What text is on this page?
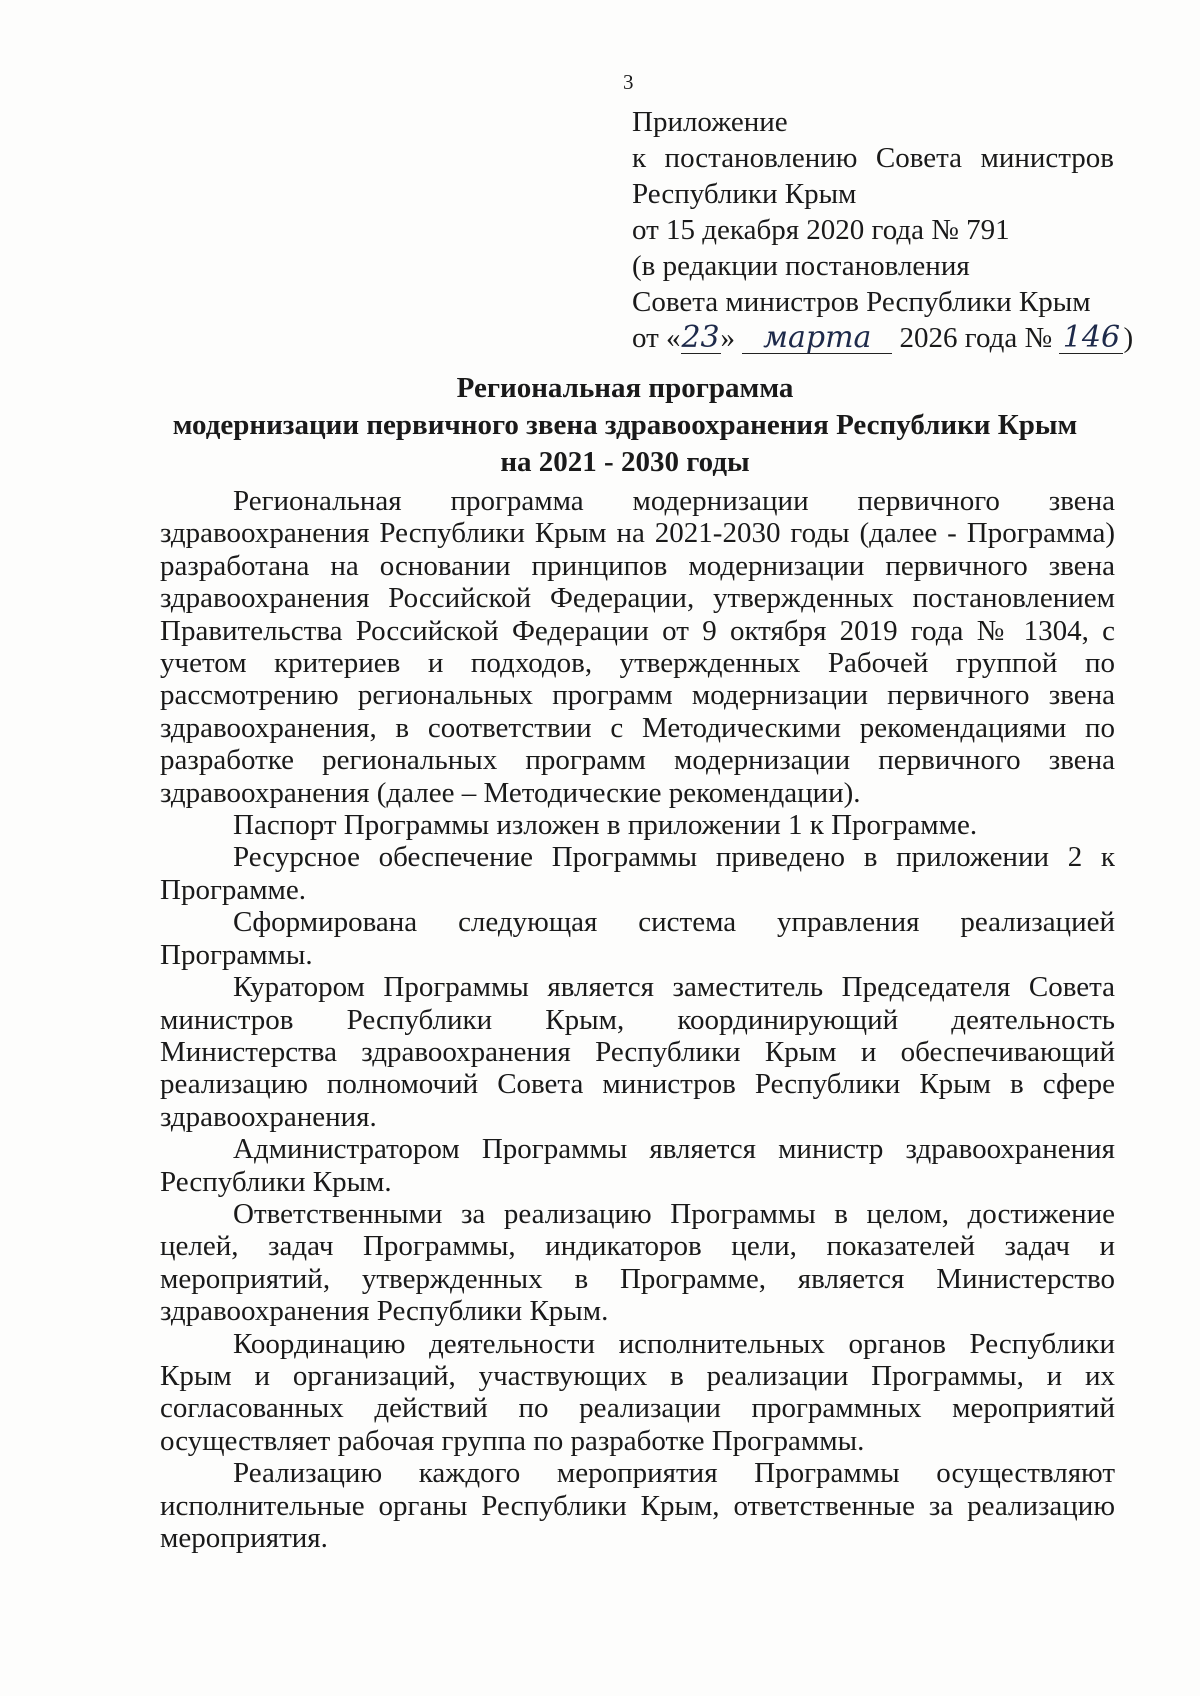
3
Приложение
к постановлению Совета министров
Республики Крым
от 15 декабря 2020 года № 791
(в редакции постановления
Совета министров Республики Крым
от «23» марта 2026 года № 146 )
Региональная программа
модернизации первичного звена здравоохранения Республики Крым
на 2021 - 2030 годы

Региональная программа модернизации первичного звена здравоохранения Республики Крым на 2021-2030 годы (далее - Программа) разработана на основании принципов модернизации первичного звена здравоохранения Российской Федерации, утвержденных постановлением Правительства Российской Федерации от 9 октября 2019 года № 1304, с учетом критериев и подходов, утвержденных Рабочей группой по рассмотрению региональных программ модернизации первичного звена здравоохранения, в соответствии с Методическими рекомендациями по разработке региональных программ модернизации первичного звена здравоохранения (далее – Методические рекомендации).

Паспорт Программы изложен в приложении 1 к Программе.

Ресурсное обеспечение Программы приведено в приложении 2 к Программе.

Сформирована следующая система управления реализацией Программы.

Куратором Программы является заместитель Председателя Совета министров Республики Крым, координирующий деятельность Министерства здравоохранения Республики Крым и обеспечивающий реализацию полномочий Совета министров Республики Крым в сфере здравоохранения.

Администратором Программы является министр здравоохранения Республики Крым.

Ответственными за реализацию Программы в целом, достижение целей, задач Программы, индикаторов цели, показателей задач и мероприятий, утвержденных в Программе, является Министерство здравоохранения Республики Крым.

Координацию деятельности исполнительных органов Республики Крым и организаций, участвующих в реализации Программы, и их согласованных действий по реализации программных мероприятий осуществляет рабочая группа по разработке Программы.

Реализацию каждого мероприятия Программы осуществляют исполнительные органы Республики Крым, ответственные за реализацию мероприятия.
